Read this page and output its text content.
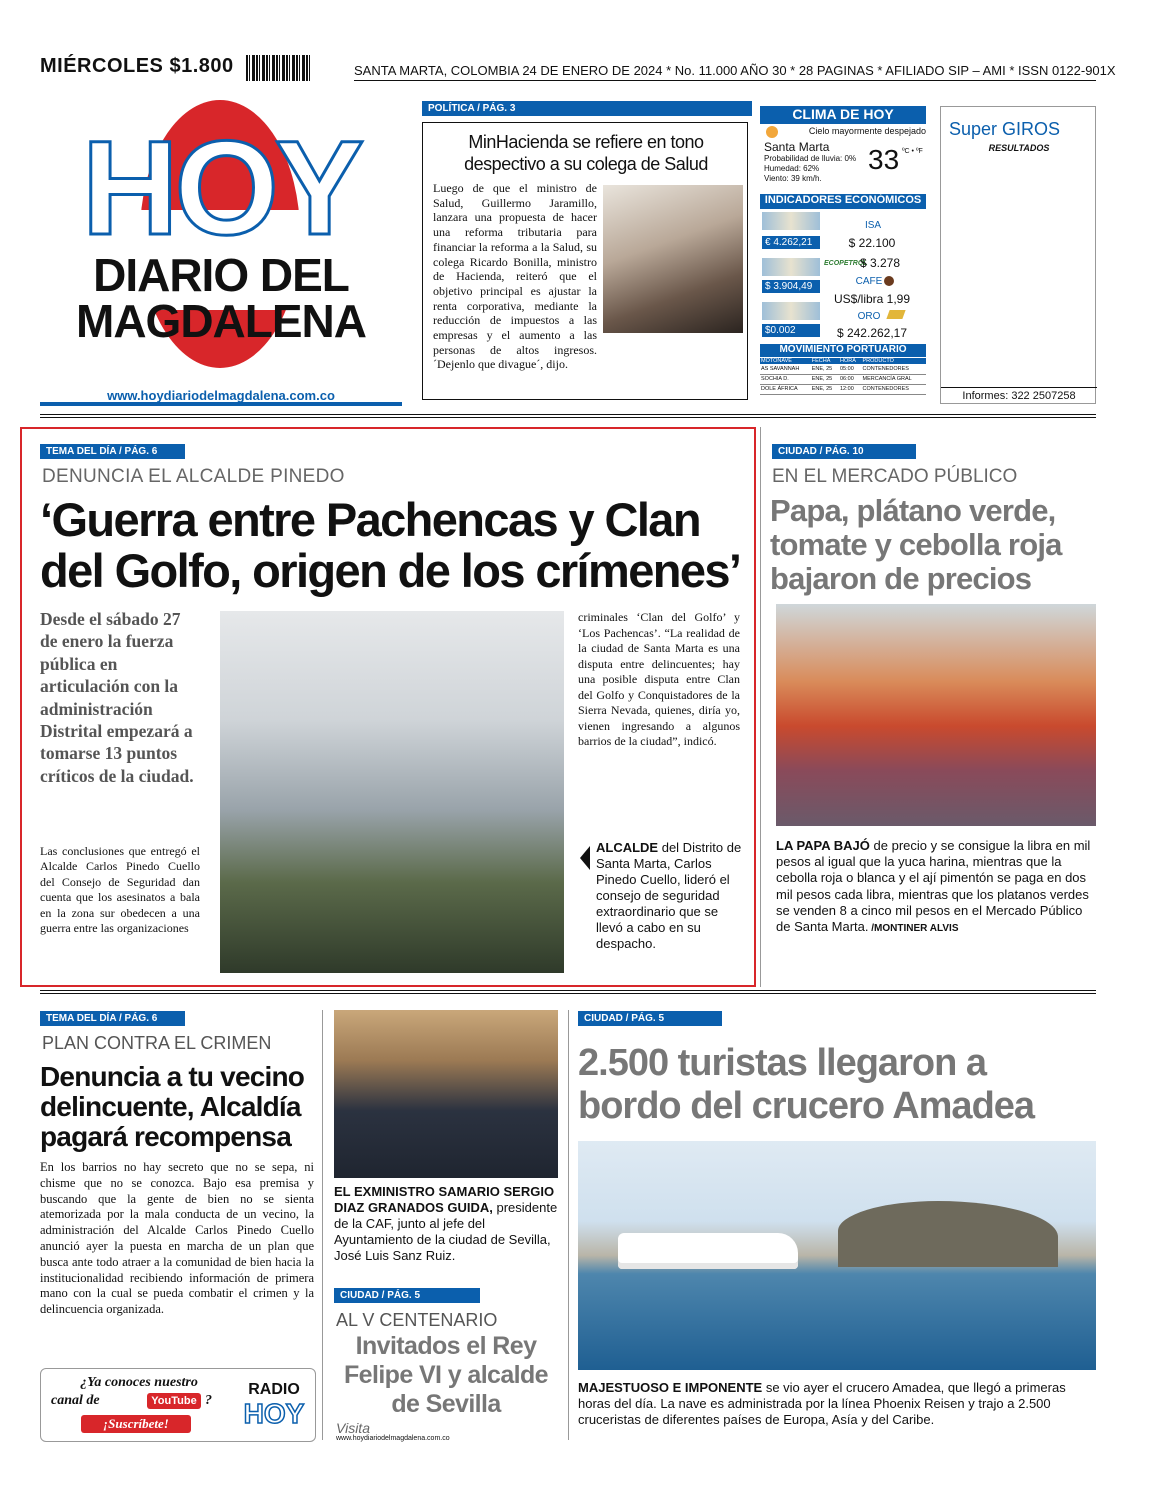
MIÉRCOLES $1.800	SANTA MARTA, COLOMBIA 24 DE ENERO DE 2024 * No. 11.000 AÑO 30 * 28 PAGINAS * AFILIADO SIP – AMI * ISSN 0122-901X
HOY
DIARIO DEL
MAGDALENA
www.hoydiariodelmagdalena.com.co
POLÍTICA / PÁG. 3
MinHacienda se refiere en tono despectivo a su colega de Salud
Luego de que el ministro de Salud, Guillermo Jaramillo, lanzara una propuesta de hacer una reforma tributaria para financiar la reforma a la Salud, su colega Ricardo Bonilla, ministro de Hacienda, reiteró que el objetivo principal es ajustar la renta corporativa, mediante la reducción de impuestos a las empresas y el aumento a las personas de altos ingresos. ´Dejenlo que divague´, dijo.
CLIMA DE HOY
Cielo mayormente despejado
Santa Marta
Probabilidad de lluvia: 0%
Humedad: 62%
Viento: 39 km/h.
33 ºC • ºF
INDICADORES ECONÓMICOS
€ 4.262,21
$ 3.904,49
$0.002
ISA
$ 22.100
ECOPETROL
$ 3.278
CAFE
US$/libra 1,99
ORO
$ 242.262,17
MOVIMIENTO PORTUARIO
MOTONAVE	FECHA	HORA	PRODUCTO
AS SAVANNAH	ENE, 25	05:00	CONTENEDORES
SOCHIA D.	ENE, 25	06:00	MERCANCÍA GRAL
DOLE ÁFRICA	ENE, 25	12:00	CONTENEDORES
Super GIROS
RESULTADOS
Informes: 322 2507258
TEMA DEL DÍA / PÁG. 6
DENUNCIA EL ALCALDE PINEDO
‘Guerra entre Pachencas y Clan del Golfo, origen de los crímenes’
Desde el sábado 27 de enero la fuerza pública en articulación con la administración Distrital empezará a tomarse 13 puntos críticos de la ciudad.
Las conclusiones que entregó el Alcalde Carlos Pinedo Cuello del Consejo de Seguridad dan cuenta que los asesinatos a bala en la zona sur obedecen a una guerra entre las organizaciones
criminales ‘Clan del Golfo’ y ‘Los Pachencas’. “La realidad de la ciudad de Santa Marta es una disputa entre delincuentes; hay una posible disputa entre Clan del Golfo y Conquistadores de la Sierra Nevada, quienes, diría yo, vienen ingresando a algunos barrios de la ciudad”, indicó.
ALCALDE del Distrito de Santa Marta, Carlos Pinedo Cuello, lideró el consejo de seguridad extraordinario que se llevó a cabo en su despacho.
CIUDAD / PÁG. 10
EN EL MERCADO PÚBLICO
Papa, plátano verde, tomate y cebolla roja bajaron de precios
LA PAPA BAJÓ de precio y se consigue la libra en mil pesos al igual que la yuca harina, mientras que la cebolla roja o blanca y el ají pimentón se paga en dos mil pesos cada libra, mientras que los platanos verdes se venden 8 a cinco mil pesos en el Mercado Público de Santa Marta. /MONTINER ALVIS
TEMA DEL DÍA / PÁG. 6
PLAN CONTRA EL CRIMEN
Denuncia a tu vecino delincuente, Alcaldía pagará recompensa
En los barrios no hay secreto que no se sepa, ni chisme que no se conozca. Bajo esa premisa y buscando que la gente de bien no se sienta atemorizada por la mala conducta de un vecino, la administración del Alcalde Carlos Pinedo Cuello anunció ayer la puesta en marcha de un plan que busca ante todo atraer a la comunidad de bien hacia la institucionalidad recibiendo información de primera mano con la cual se pueda combatir el crimen y la delincuencia organizada.
¿Ya conoces nuestro
canal de	YouTube ?
¡Suscríbete!
RADIO
HOY
EL EXMINISTRO SAMARIO SERGIO DIAZ GRANADOS GUIDA, presidente de la CAF, junto al jefe del Ayuntamiento de la ciudad de Sevilla, José Luis Sanz Ruiz.
CIUDAD / PÁG. 5
AL V CENTENARIO
Invitados el Rey Felipe VI y alcalde de Sevilla
Visita
www.hoydiariodelmagdalena.com.co
CIUDAD / PÁG. 5
2.500 turistas llegaron a bordo del crucero Amadea
MAJESTUOSO E IMPONENTE se vio ayer el crucero Amadea, que llegó a primeras horas del día. La nave es administrada por la línea Phoenix Reisen y trajo a 2.500 cruceristas de diferentes países de Europa, Asía y del Caribe.
